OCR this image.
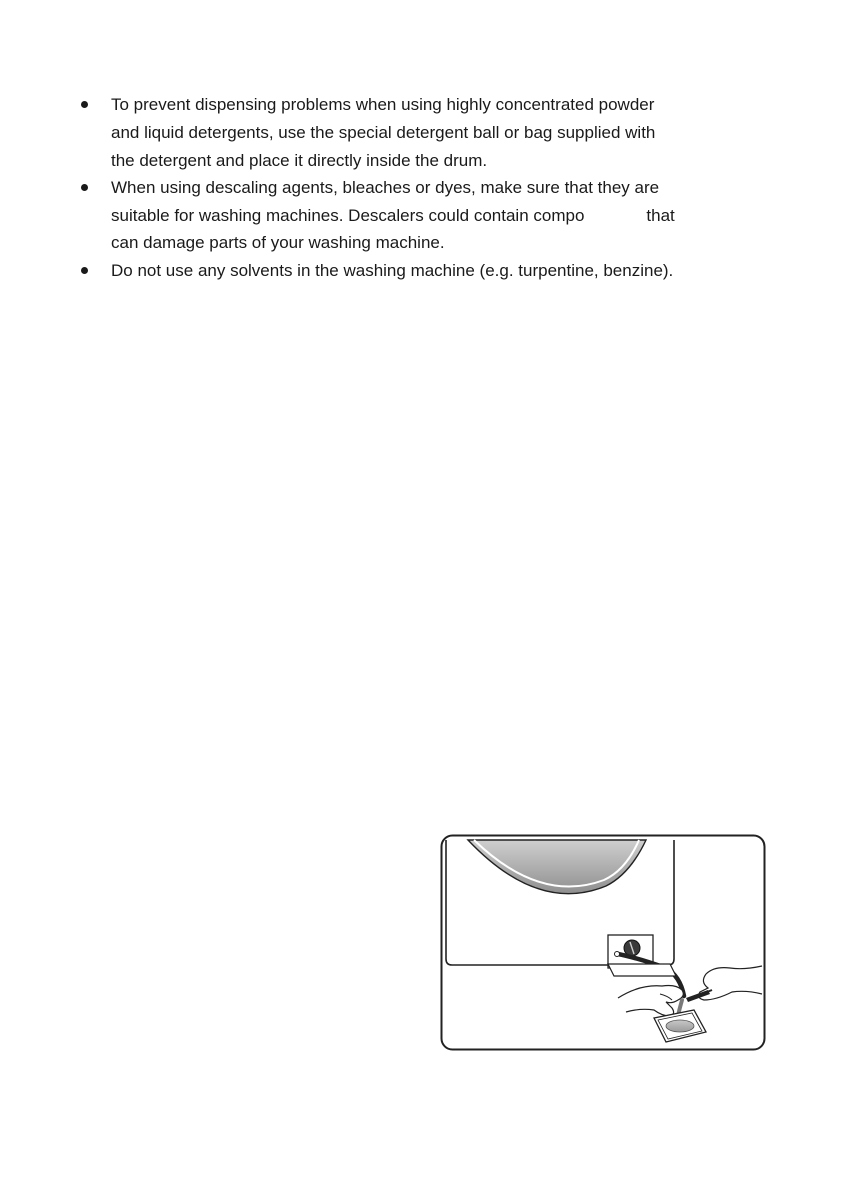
To prevent dispensing problems when using highly concentrated powder
and liquid detergents, use the special detergent ball or bag supplied with
the detergent and place it directly inside the drum.
When using descaling agents, bleaches or dyes, make sure that they are
suitable for washing machines. Descalers could contain compo	that
can damage parts of your washing machine.
Do not use any solvents in the washing machine (e.g. turpentine, benzine).
